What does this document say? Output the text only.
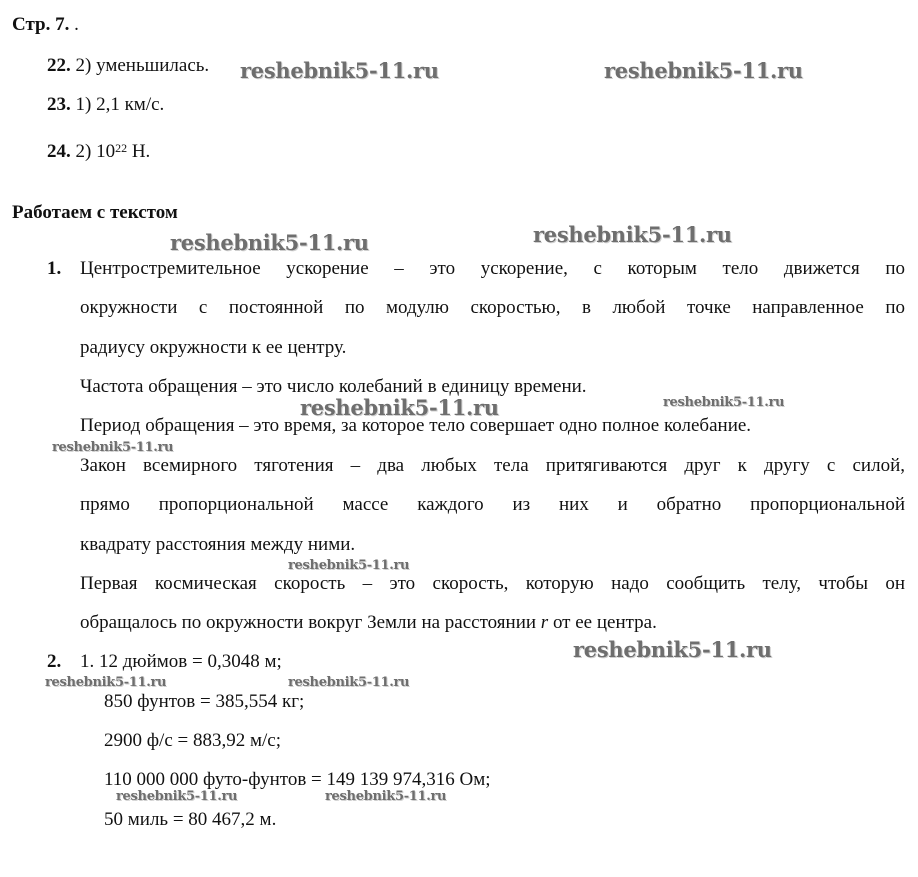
Стр. 7. .
22. 2) уменьшилась.
23. 1) 2,1 км/с.
24. 2) $10^{22}$ Н.
Работаем с текстом
1. Центростремительное ускорение – это ускорение, с которым тело движется по
окружности с постоянной по модулю скоростью, в любой точке направленное по
радиусу окружности к ее центру.
Частота обращения – это число колебаний в единицу времени.
Период обращения – это время, за которое тело совершает одно полное колебание.
Закон всемирного тяготения – два любых тела притягиваются друг к другу с силой,
прямо пропорциональной массе каждого из них и обратно пропорциональной
квадрату расстояния между ними.
Первая космическая скорость – это скорость, которую надо сообщить телу, чтобы он
обращалось по окружности вокруг Земли на расстоянии r от ее центра.
2. 1. 12 дюймов = 0,3048 м;
850 фунтов = 385,554 кг;
2900 ф/с = 883,92 м/с;
110 000 000 футо-фунтов = 149 139 974,316 Ом;
50 миль = 80 467,2 м.
reshebnik5-11.ru	reshebnik5-11.ru
reshebnik5-11.ru	reshebnik5-11.ru
reshebnik5-11.ru	reshebnik5-11.ru
reshebnik5-11.ru
reshebnik5-11.ru
reshebnik5-11.ru
reshebnik5-11.ru	reshebnik5-11.ru
reshebnik5-11.ru	reshebnik5-11.ru
